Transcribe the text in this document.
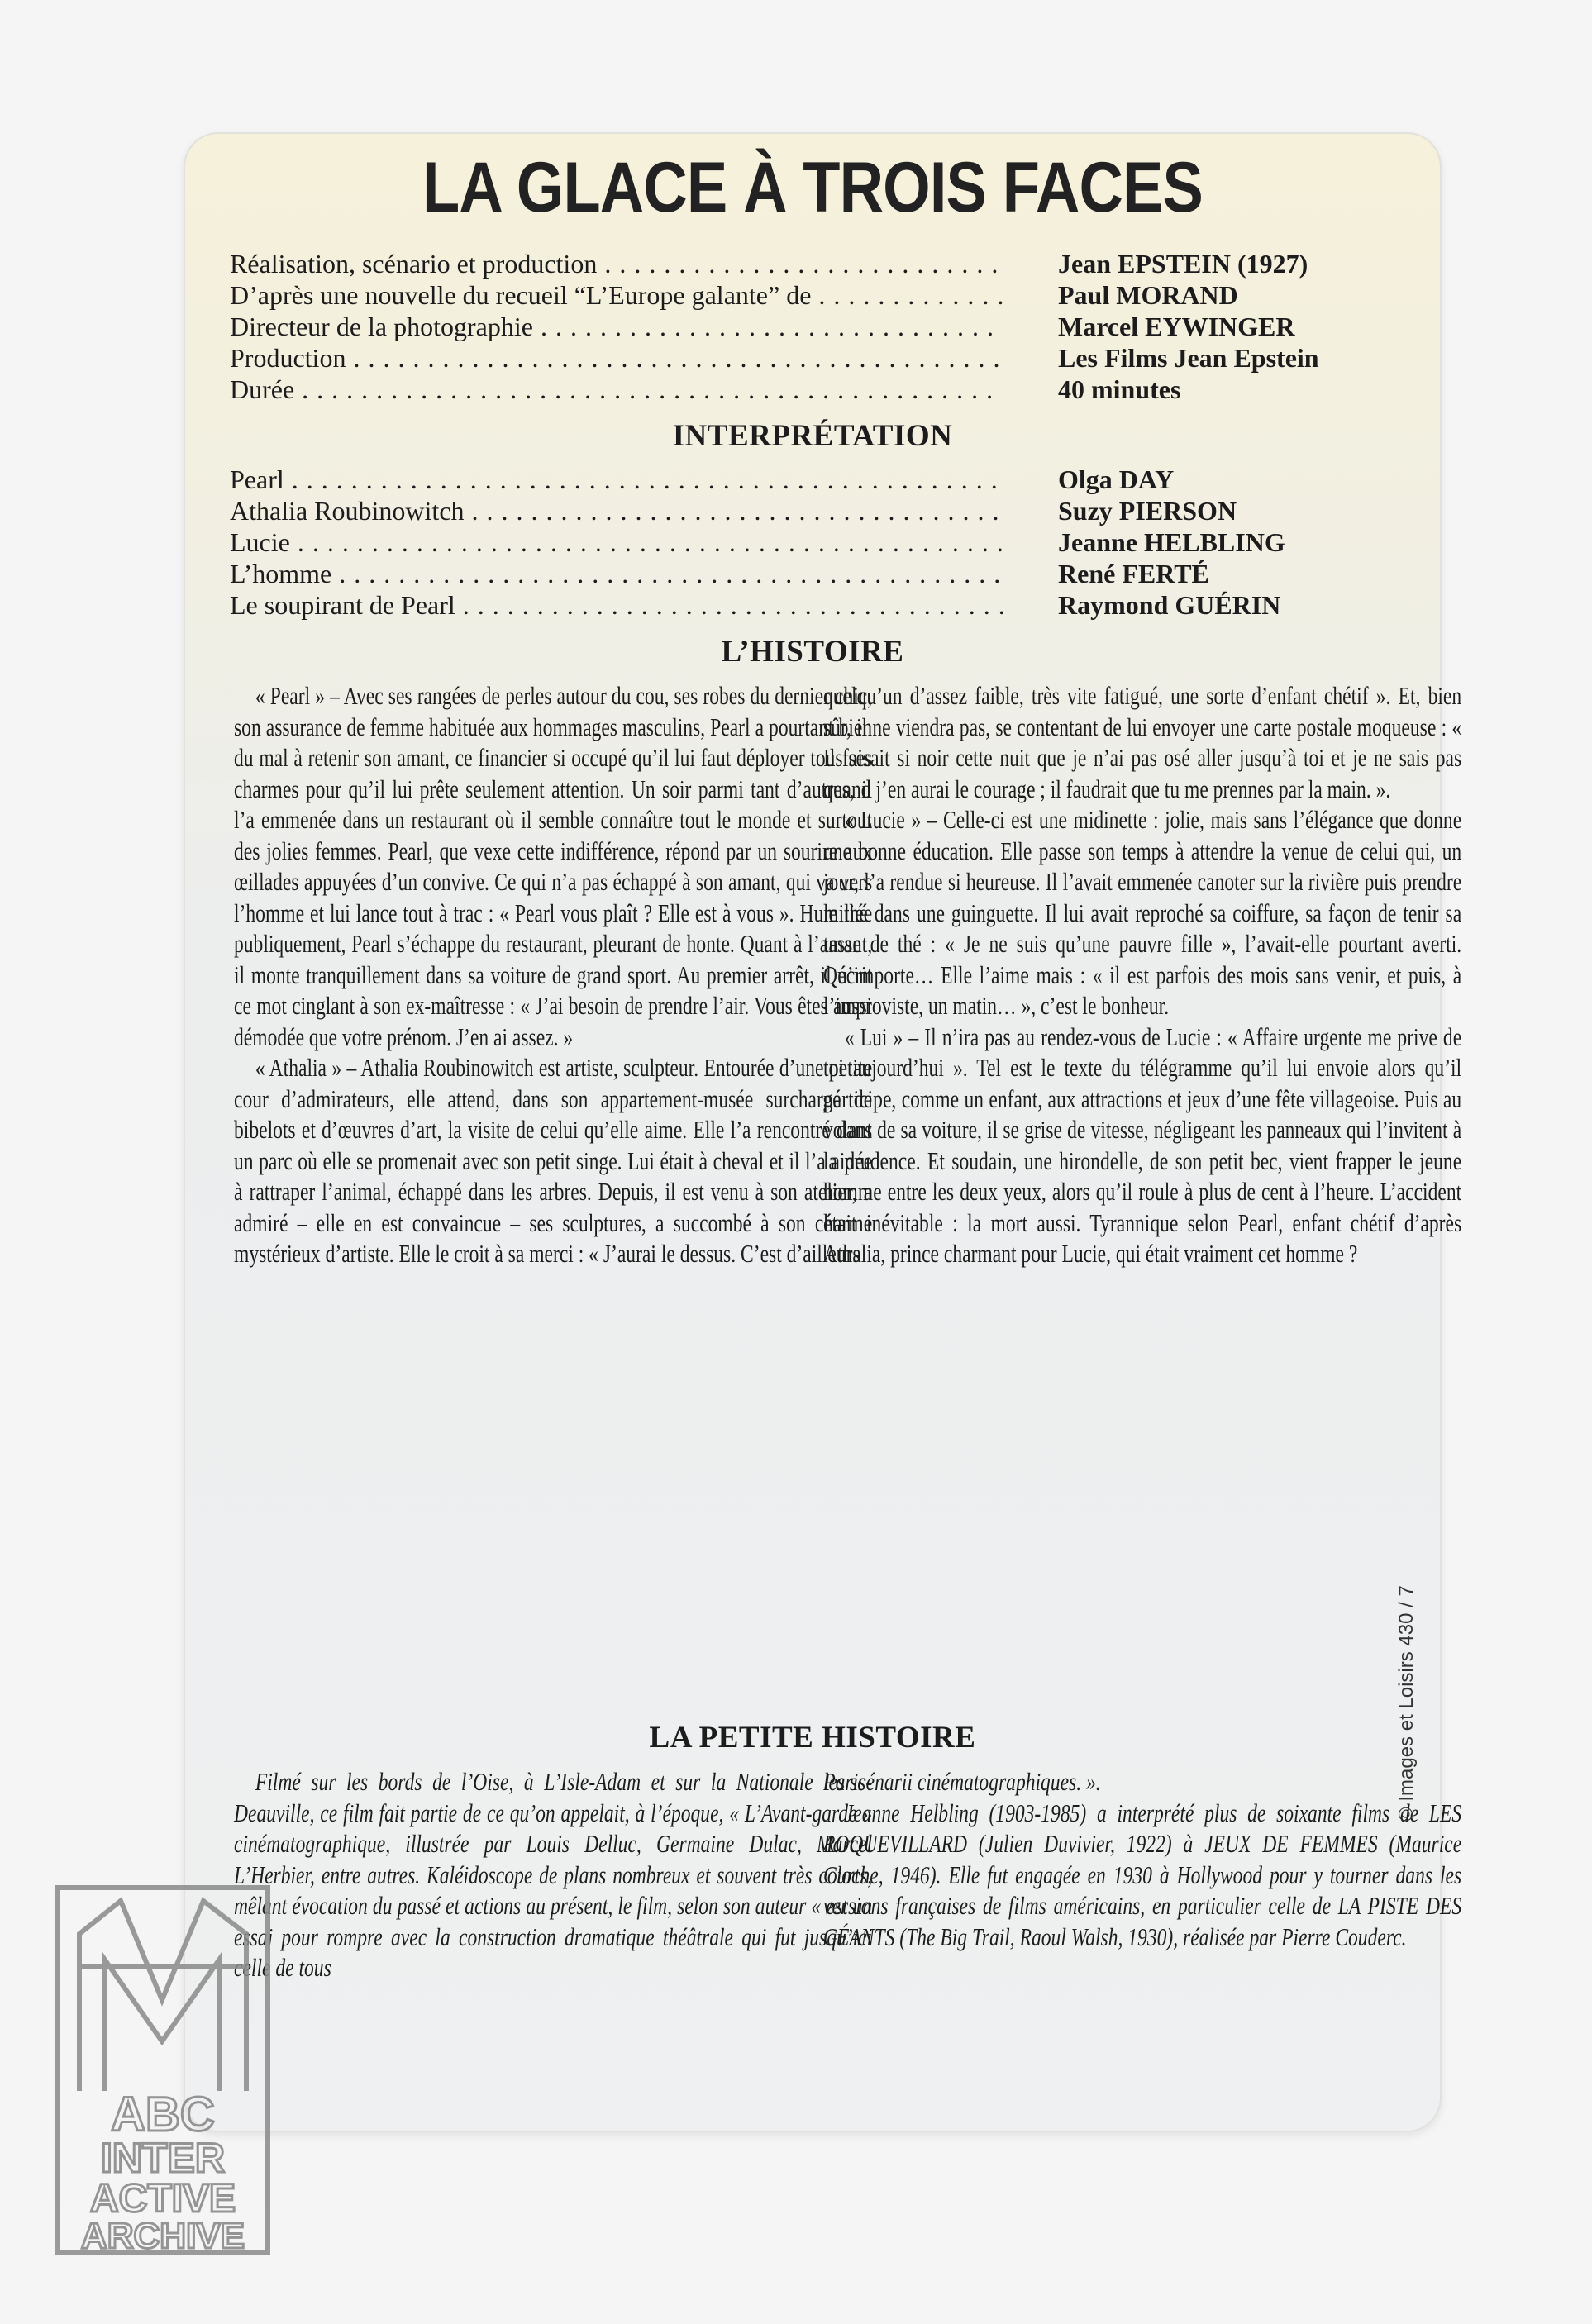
LA GLACE À TROIS FACES
Réalisation, scénario et production . . .	Jean EPSTEIN (1927)
D’après une nouvelle du recueil “L’Europe galante” de . . .	Paul MORAND
Directeur de la photographie . . .	Marcel EYWINGER
Production . . .	Les Films Jean Epstein
Durée . . .	40 minutes
INTERPRÉTATION
Pearl . . .	Olga DAY
Athalia Roubinowitch . . .	Suzy PIERSON
Lucie . . .	Jeanne HELBLING
L’homme . . .	René FERTÉ
Le soupirant de Pearl . . .	Raymond GUÉRIN
L’HISTOIRE

« Pearl » – Avec ses rangées de perles autour du cou, ses robes du dernier chic, son assurance de femme habituée aux hommages masculins, Pearl a pourtant bien du mal à retenir son amant, ce financier si occupé qu’il lui faut déployer tous ses charmes pour qu’il lui prête seulement attention. Un soir parmi tant d’autres, il l’a emmenée dans un restaurant où il semble connaître tout le monde et surtout des jolies femmes. Pearl, que vexe cette indifférence, répond par un sourire aux œillades appuyées d’un convive. Ce qui n’a pas échappé à son amant, qui va vers l’homme et lui lance tout à trac : « Pearl vous plaît ? Elle est à vous ». Humiliée publiquement, Pearl s’échappe du restaurant, pleurant de honte. Quant à l’amant, il monte tranquillement dans sa voiture de grand sport. Au premier arrêt, il écrit ce mot cinglant à son ex-maîtresse : « J’ai besoin de prendre l’air. Vous êtes aussi démodée que votre prénom. J’en ai assez. »

« Athalia » – Athalia Roubinowitch est artiste, sculpteur. Entourée d’une petite cour d’admirateurs, elle attend, dans son appartement-musée surchargé de bibelots et d’œuvres d’art, la visite de celui qu’elle aime. Elle l’a rencontré dans un parc où elle se promenait avec son petit singe. Lui était à cheval et il l’a aidée à rattraper l’animal, échappé dans les arbres. Depuis, il est venu à son atelier, a admiré – elle en est convaincue – ses sculptures, a succombé à son charme mystérieux d’artiste. Elle le croit à sa merci : « J’aurai le dessus. C’est d’ailleurs

quelqu’un d’assez faible, très vite fatigué, une sorte d’enfant chétif ». Et, bien sûr, il ne viendra pas, se contentant de lui envoyer une carte postale moqueuse : « Il faisait si noir cette nuit que je n’ai pas osé aller jusqu’à toi et je ne sais pas quand j’en aurai le courage ; il faudrait que tu me prennes par la main. ».

« Lucie » – Celle-ci est une midinette : jolie, mais sans l’élégance que donne une bonne éducation. Elle passe son temps à attendre la venue de celui qui, un jour, l’a rendue si heureuse. Il l’avait emmenée canoter sur la rivière puis prendre le thé dans une guinguette. Il lui avait reproché sa coiffure, sa façon de tenir sa tasse de thé : « Je ne suis qu’une pauvre fille », l’avait-elle pourtant averti. Qu’importe… Elle l’aime mais : « il est parfois des mois sans venir, et puis, à l’improviste, un matin… », c’est le bonheur.

« Lui » – Il n’ira pas au rendez-vous de Lucie : « Affaire urgente me prive de toi aujourd’hui ». Tel est le texte du télégramme qu’il lui envoie alors qu’il participe, comme un enfant, aux attractions et jeux d’une fête villageoise. Puis au volant de sa voiture, il se grise de vitesse, négligeant les panneaux qui l’invitent à la prudence. Et soudain, une hirondelle, de son petit bec, vient frapper le jeune homme entre les deux yeux, alors qu’il roule à plus de cent à l’heure. L’accident était inévitable : la mort aussi. Tyrannique selon Pearl, enfant chétif d’après Athalia, prince charmant pour Lucie, qui était vraiment cet homme ?

LA PETITE HISTOIRE

Filmé sur les bords de l’Oise, à L’Isle-Adam et sur la Nationale Paris-Deauville, ce film fait partie de ce qu’on appelait, à l’époque, « L’Avant-garde » cinématographique, illustrée par Louis Delluc, Germaine Dulac, Marcel L’Herbier, entre autres. Kaléidoscope de plans nombreux et souvent très courts, mêlant évocation du passé et actions au présent, le film, selon son auteur « est un essai pour rompre avec la construction dramatique théâtrale qui fut jusqu’ici celle de tous

les scénarii cinématographiques. ».

Jeanne Helbling (1903-1985) a interprété plus de soixante films de LES ROQUEVILLARD (Julien Duvivier, 1922) à JEUX DE FEMMES (Maurice Cloche, 1946). Elle fut engagée en 1930 à Hollywood pour y tourner dans les versions françaises de films américains, en particulier celle de LA PISTE DES GÉANTS (The Big Trail, Raoul Walsh, 1930), réalisée par Pierre Couderc.

© Images et Loisirs 430 / 7
ABC
INTER
ACTIVE
ARCHIVE
